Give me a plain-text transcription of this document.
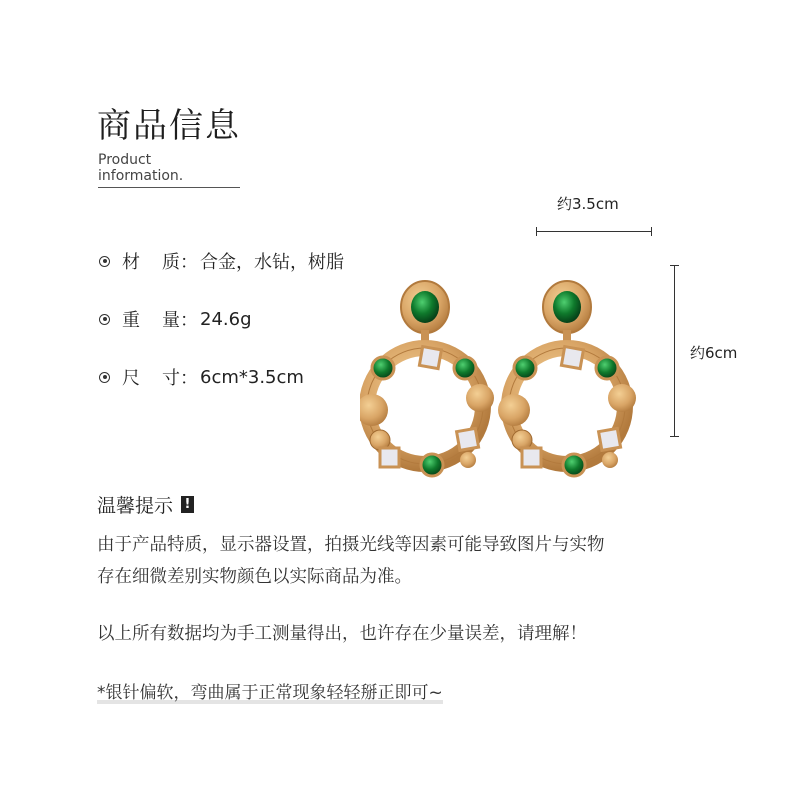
商品信息
Product information.
材 质： 合金，水钻，树脂
重 量： 24.6g
尺 寸： 6cm*3.5cm
约3.5cm
约6cm
温馨提示 !
由于产品特质，显示器设置，拍摄光线等因素可能导致图片与实物
存在细微差别实物颜色以实际商品为准。
以上所有数据均为手工测量得出，也许存在少量误差，请理解！
*银针偏软，弯曲属于正常现象轻轻掰正即可~
